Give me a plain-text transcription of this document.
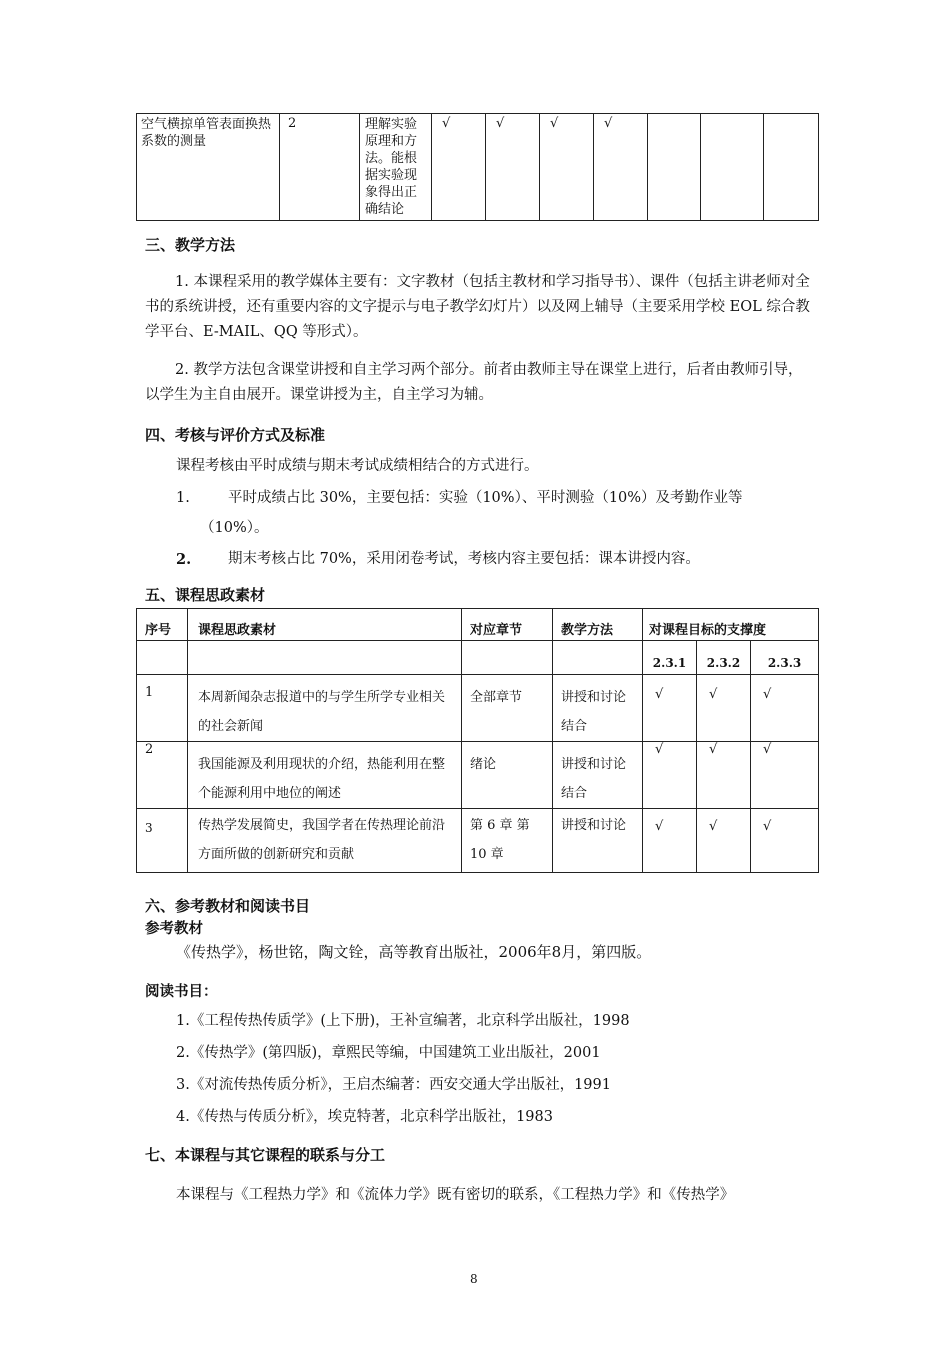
空气横掠单管表面换热系数的测量	2	理解实验原理和方法。能根据实验现象得出正确结论	√	√	√	√			
三、教学方法
1. 本课程采用的教学媒体主要有：文字教材（包括主教材和学习指导书）、课件（包括主讲老师对全书的系统讲授，还有重要内容的文字提示与电子教学幻灯片）以及网上辅导（主要采用学校 EOL 综合教学平台、E-MAIL、QQ 等形式）。
2. 教学方法包含课堂讲授和自主学习两个部分。前者由教师主导在课堂上进行，后者由教师引导，以学生为主自由展开。课堂讲授为主，自主学习为辅。
四、考核与评价方式及标准
课程考核由平时成绩与期末考试成绩相结合的方式进行。
1.	平时成绩占比 30%，主要包括：实验（10%）、平时测验（10%）及考勤作业等
（10%）。
2.	期末考核占比 70%，采用闭卷考试，考核内容主要包括：课本讲授内容。
五、课程思政素材
序号	课程思政素材	对应章节	教学方法	对课程目标的支撑度		
				2.3.1	2.3.2	2.3.3
1	本周新闻杂志报道中的与学生所学专业相关的社会新闻	全部章节	讲授和讨论结合	√	√	√
2	我国能源及利用现状的介绍，热能利用在整个能源利用中地位的阐述	绪论	讲授和讨论结合	√	√	√
3	传热学发展简史，我国学者在传热理论前沿方面所做的创新研究和贡献	第 6 章 第 10 章	讲授和讨论	√	√	√
六、参考教材和阅读书目
参考教材
《传热学》，杨世铭，陶文铨，高等教育出版社，2006年8月，第四版。
阅读书目：
1.《工程传热传质学》(上下册)，王补宣编著，北京科学出版社，1998
2.《传热学》(第四版)，章熙民等编，中国建筑工业出版社，2001
3.《对流传热传质分析》，王启杰编著：西安交通大学出版社，1991
4.《传热与传质分析》，埃克特著，北京科学出版社，1983
七、本课程与其它课程的联系与分工
本课程与《工程热力学》和《流体力学》既有密切的联系，《工程热力学》和《传热学》
8
